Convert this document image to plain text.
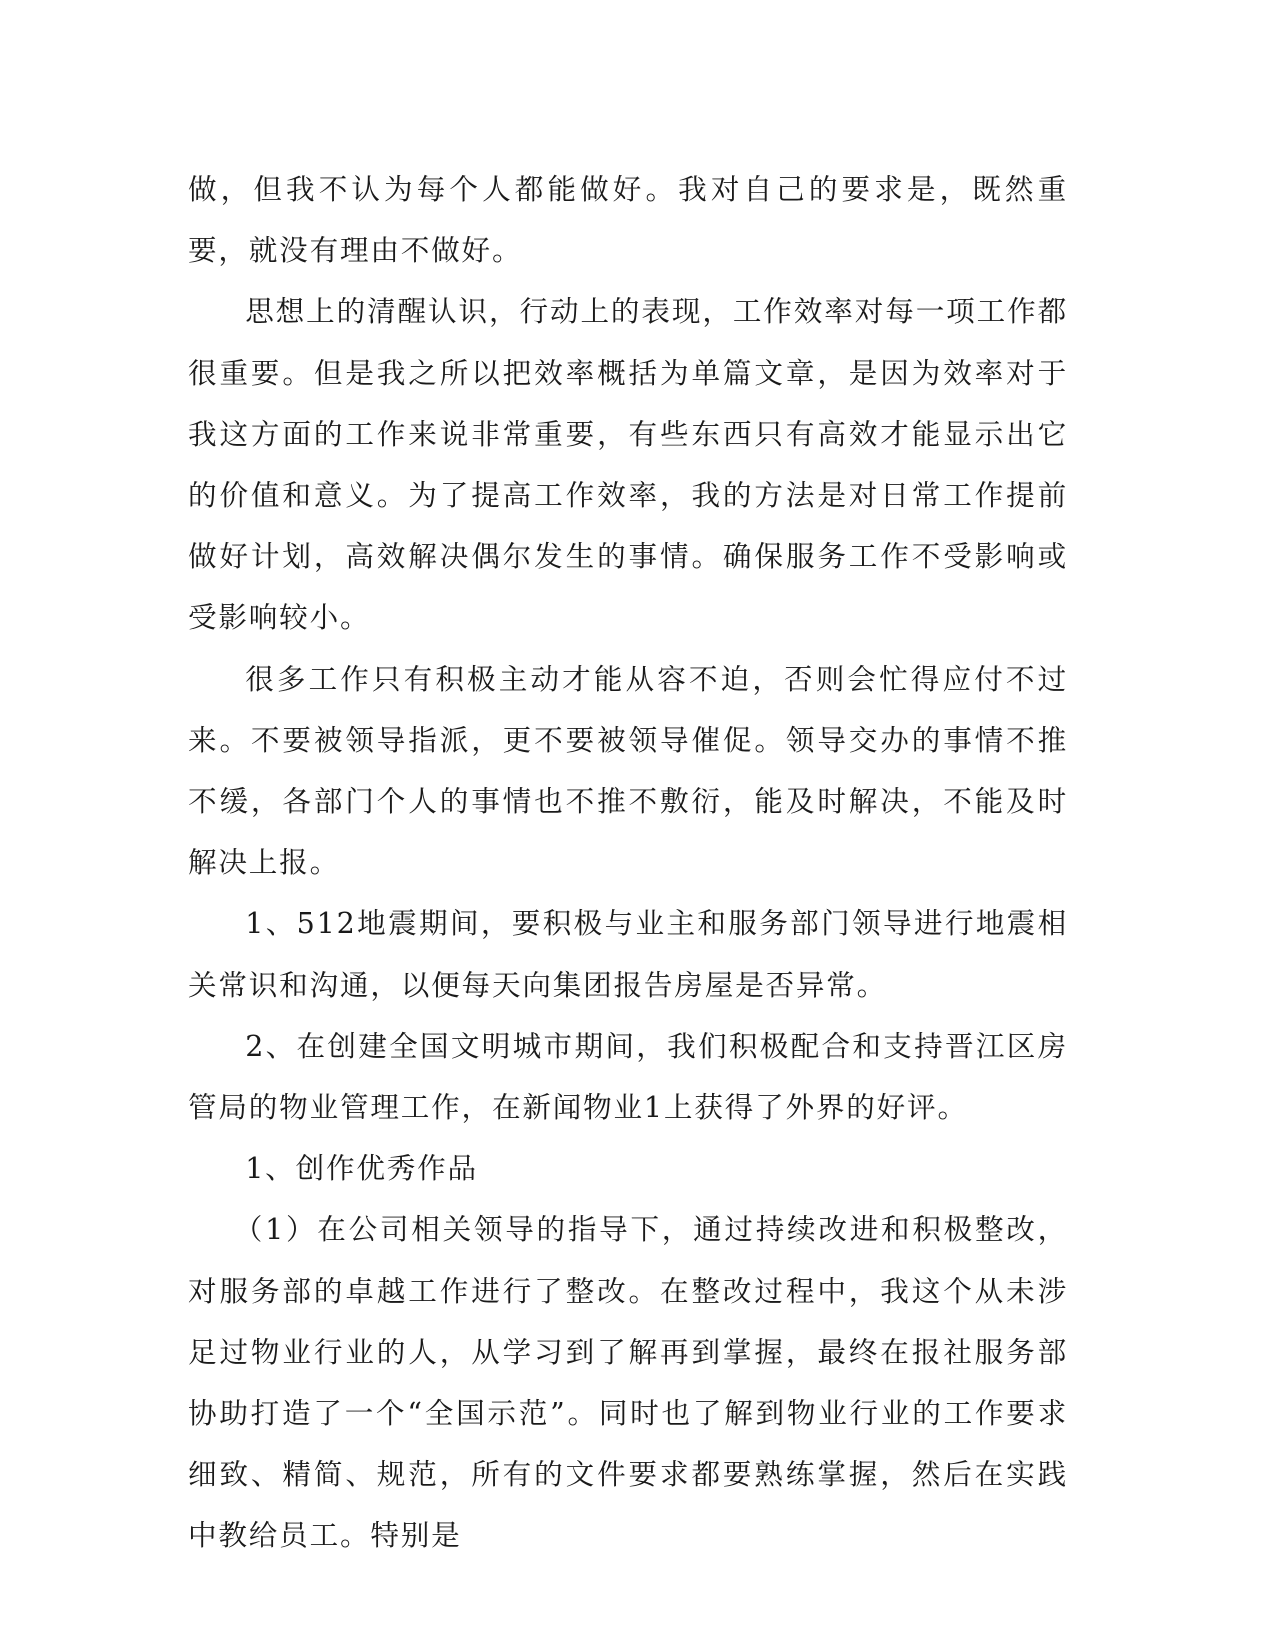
做，但我不认为每个人都能做好。我对自己的要求是，既然重要，就没有理由不做好。

思想上的清醒认识，行动上的表现，工作效率对每一项工作都很重要。但是我之所以把效率概括为单篇文章，是因为效率对于我这方面的工作来说非常重要，有些东西只有高效才能显示出它的价值和意义。为了提高工作效率，我的方法是对日常工作提前做好计划，高效解决偶尔发生的事情。确保服务工作不受影响或受影响较小。

很多工作只有积极主动才能从容不迫，否则会忙得应付不过来。不要被领导指派，更不要被领导催促。领导交办的事情不推不缓，各部门个人的事情也不推不敷衍，能及时解决，不能及时解决上报。

1、512地震期间，要积极与业主和服务部门领导进行地震相关常识和沟通，以便每天向集团报告房屋是否异常。

2、在创建全国文明城市期间，我们积极配合和支持晋江区房管局的物业管理工作，在新闻物业1上获得了外界的好评。

1、创作优秀作品

（1）在公司相关领导的指导下，通过持续改进和积极整改，对服务部的卓越工作进行了整改。在整改过程中，我这个从未涉足过物业行业的人，从学习到了解再到掌握，最终在报社服务部协助打造了一个“全国示范”。同时也了解到物业行业的工作要求细致、精简、规范，所有的文件要求都要熟练掌握，然后在实践中教给员工。特别是
